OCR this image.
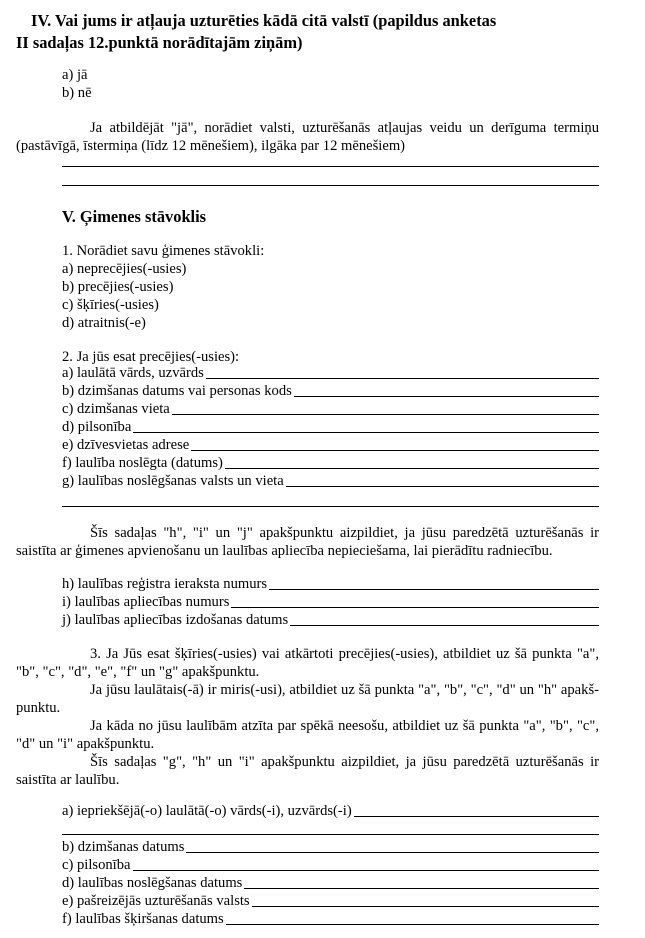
IV. Vai jums ir atļauja uzturēties kādā citā valstī (papildus anketas
II sadaļas 12.punktā norādītajām ziņām)
a) jā
b) nē
Ja atbildējāt "jā", norādiet valsti, uzturēšanās atļaujas veidu un derīguma termiņu
(pastāvīgā, īstermiņa (līdz 12 mēnešiem), ilgāka par 12 mēnešiem)
V. Ģimenes stāvoklis
1. Norādiet savu ģimenes stāvokli:
a) neprecējies(-usies)
b) precējies(-usies)
c) šķīries(-usies)
d) atraitnis(-e)
2. Ja jūs esat precējies(-usies):
a) laulātā vārds, uzvārds
b) dzimšanas datums vai personas kods
c) dzimšanas vieta
d) pilsonība
e) dzīvesvietas adrese
f) laulība noslēgta (datums)
g) laulības noslēgšanas valsts un vieta
Šīs sadaļas "h", "i" un "j" apakšpunktu aizpildiet, ja jūsu paredzētā uzturēšanās ir
saistīta ar ģimenes apvienošanu un laulības apliecība nepieciešama, lai pierādītu radniecību.
h) laulības reģistra ieraksta numurs
i) laulības apliecības numurs
j) laulības apliecības izdošanas datums
3. Ja Jūs esat šķīries(-usies) vai atkārtoti precējies(-usies), atbildiet uz šā punkta "a",
"b", "c", "d", "e", "f" un "g" apakšpunktu.
Ja jūsu laulātais(-ā) ir miris(-usi), atbildiet uz šā punkta "a", "b", "c", "d" un "h" apakš-
punktu.
Ja kāda no jūsu laulībām atzīta par spēkā neesošu, atbildiet uz šā punkta "a", "b", "c",
"d" un "i" apakšpunktu.
Šīs sadaļas "g", "h" un "i" apakšpunktu aizpildiet, ja jūsu paredzētā uzturēšanās ir
saistīta ar laulību.
a) iepriekšējā(-o) laulātā(-o) vārds(-i), uzvārds(-i)
b) dzimšanas datums
c) pilsonība
d) laulības noslēgšanas datums
e) pašreizējās uzturēšanās valsts
f) laulības šķiršanas datums
